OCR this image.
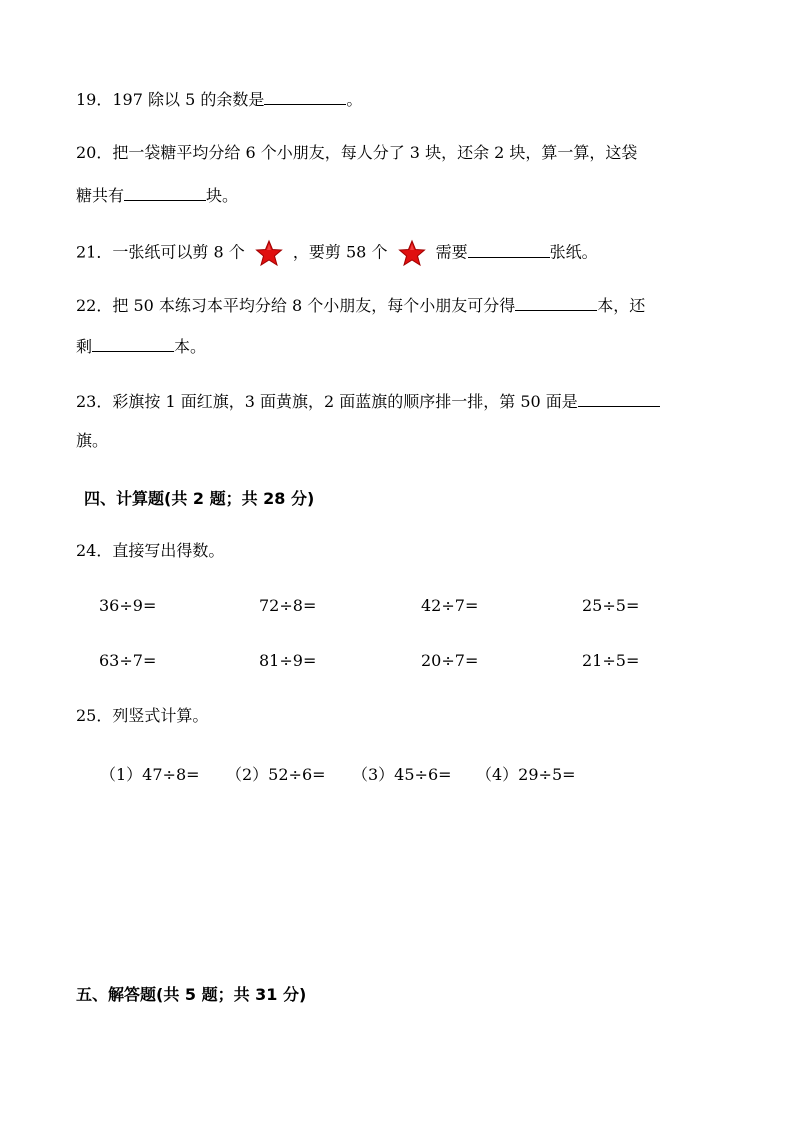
19．197 除以 5 的余数是	。
20．把一袋糖平均分给 6 个小朋友，每人分了 3 块，还余 2 块，算一算，这袋
糖共有	块。
21．一张纸可以剪 8 个	，要剪 58 个	需要	张纸。
22．把 50 本练习本平均分给 8 个小朋友，每个小朋友可分得	本，还
剩	本。
23．彩旗按 1 面红旗，3 面黄旗，2 面蓝旗的顺序排一排，第 50 面是
旗。
四、计算题(共 2 题；共 28 分)
24．直接写出得数。
36÷9=	72÷8=	42÷7=	25÷5=
63÷7=	81÷9=	20÷7=	21÷5=
25．列竖式计算。
（1）47÷8= （2）52÷6= （3）45÷6= （4）29÷5=
五、解答题(共 5 题；共 31 分)
